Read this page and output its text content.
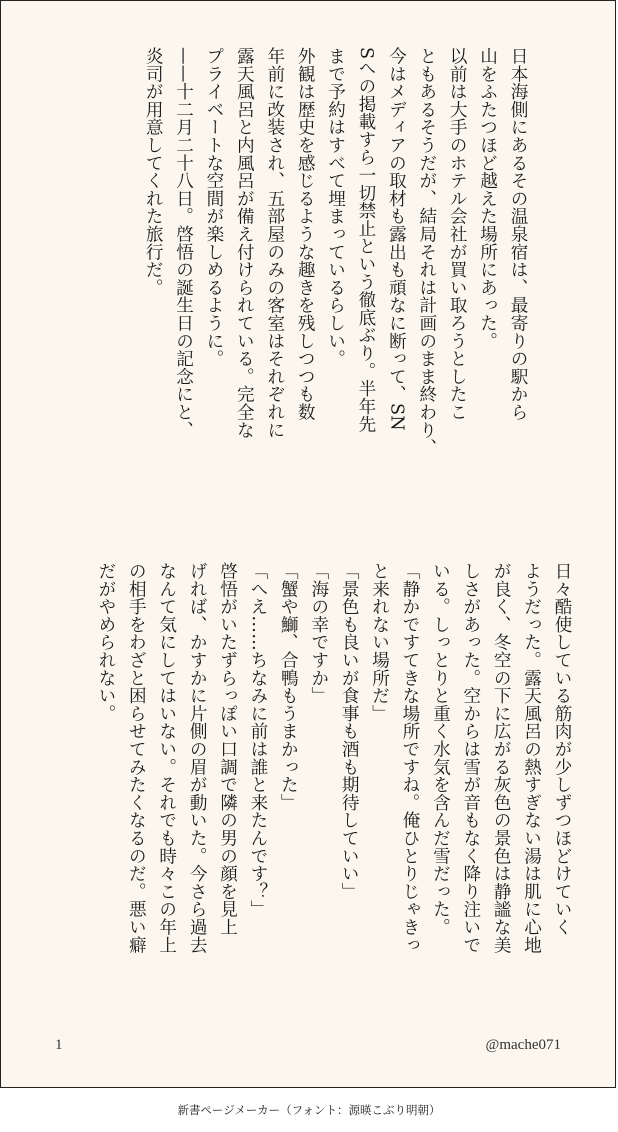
日本海側にあるその温泉宿は、最寄りの駅から
山をふたつほど越えた場所にあった。
以前は大手のホテル会社が買い取ろうとしたこ
ともあるそうだが、結局それは計画のまま終わり、
今はメディアの取材も露出も頑なに断って、SN
Sへの掲載すら一切禁止という徹底ぶり。半年先
まで予約はすべて埋まっているらしい。
外観は歴史を感じるような趣きを残しつつも数
年前に改装され、五部屋のみの客室はそれぞれに
露天風呂と内風呂が備え付けられている。完全な
プライベートな空間が楽しめるように。
——十二月二十八日。啓悟の誕生日の記念にと、
炎司が用意してくれた旅行だ。
日々酷使している筋肉が少しずつほどけていく
ようだった。露天風呂の熱すぎない湯は肌に心地
が良く、冬空の下に広がる灰色の景色は静謐な美
しさがあった。空からは雪が音もなく降り注いで
いる。しっとりと重く水気を含んだ雪だった。
「静かですてきな場所ですね。俺ひとりじゃきっ
と来れない場所だ」
「景色も良いが食事も酒も期待していい」
「海の幸ですか」
「蟹や鰤、合鴨もうまかった」
「へえ……ちなみに前は誰と来たんです？」
啓悟がいたずらっぽい口調で隣の男の顔を見上
げれば、かすかに片側の眉が動いた。今さら過去
なんて気にしてはいない。それでも時々この年上
の相手をわざと困らせてみたくなるのだ。悪い癖
だがやめられない。
1	@mache071
新書ページメーカー（フォント：源暎こぶり明朝）
